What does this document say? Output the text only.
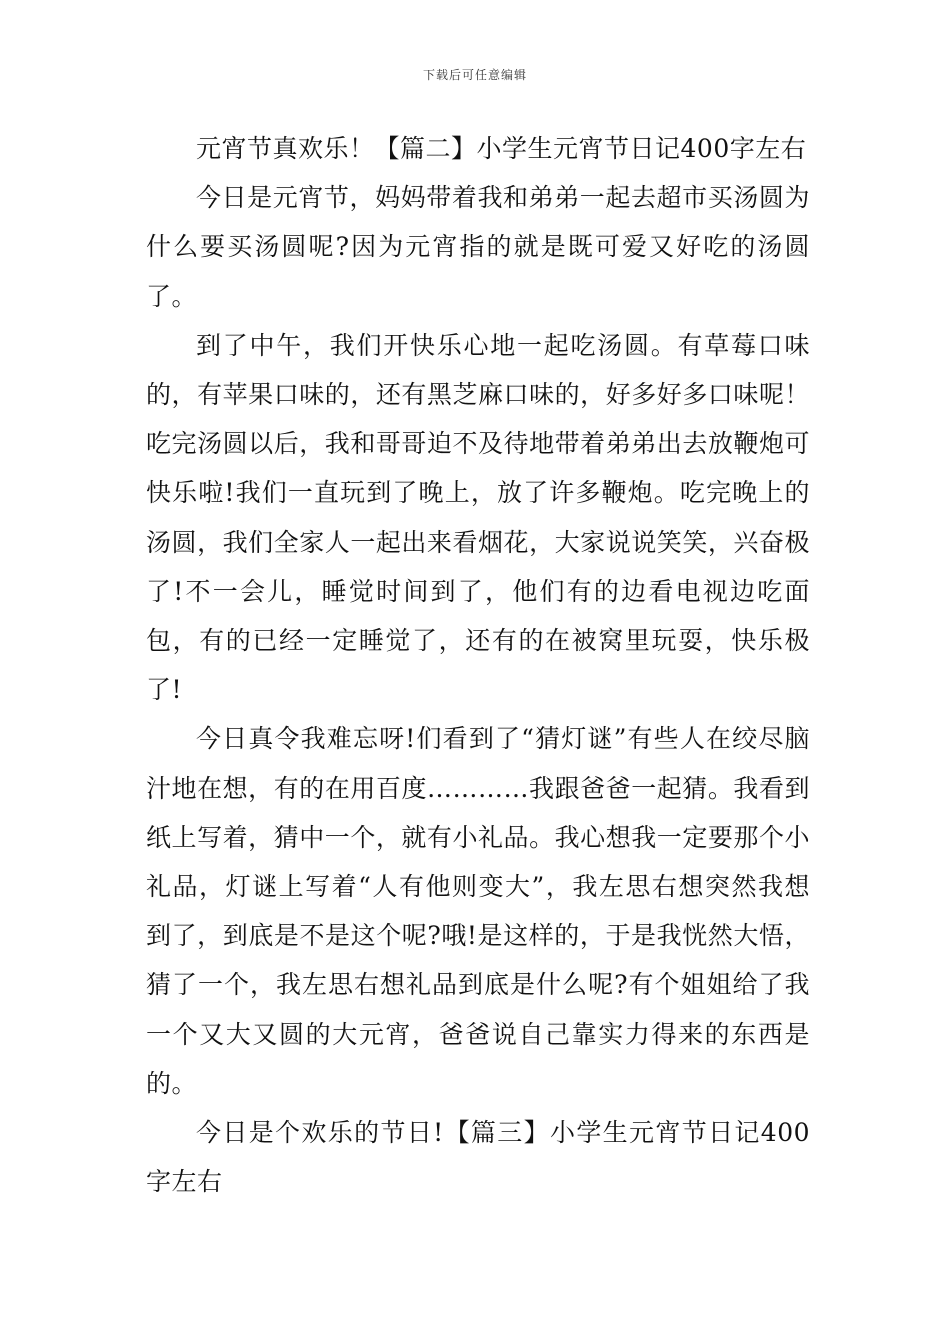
下载后可任意编辑

元宵节真欢乐！【篇二】小学生元宵节日记400字左右

今日是元宵节，妈妈带着我和弟弟一起去超市买汤圆为什么要买汤圆呢?因为元宵指的就是既可爱又好吃的汤圆了。

到了中午，我们开快乐心地一起吃汤圆。有草莓口味的，有苹果口味的，还有黑芝麻口味的，好多好多口味呢！吃完汤圆以后，我和哥哥迫不及待地带着弟弟出去放鞭炮可快乐啦!我们一直玩到了晚上，放了许多鞭炮。吃完晚上的汤圆，我们全家人一起出来看烟花，大家说说笑笑，兴奋极了!不一会儿，睡觉时间到了，他们有的边看电视边吃面包，有的已经一定睡觉了，还有的在被窝里玩耍，快乐极了!

今日真令我难忘呀!们看到了“猜灯谜”有些人在绞尽脑汁地在想，有的在用百度…………我跟爸爸一起猜。我看到纸上写着，猜中一个，就有小礼品。我心想我一定要那个小礼品，灯谜上写着“人有他则变大”，我左思右想突然我想到了，到底是不是这个呢?哦!是这样的，于是我恍然大悟，猜了一个，我左思右想礼品到底是什么呢?有个姐姐给了我一个又大又圆的大元宵，爸爸说自己靠实力得来的东西是的。

今日是个欢乐的节日!【篇三】小学生元宵节日记400字左右
